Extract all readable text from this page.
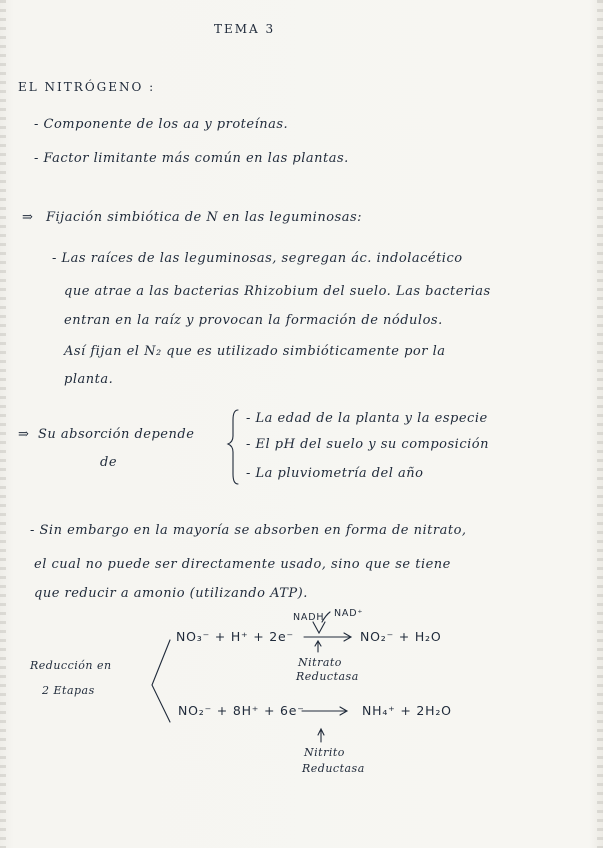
TEMA 3
EL NITRÓGENO :
- Componente de los aa y proteínas.
- Factor limitante más común en las plantas.
⇒ Fijación simbiótica de N en las leguminosas:
- Las raíces de las leguminosas, segregan ác. indolacético
que atrae a las bacterias Rhizobium del suelo. Las bacterias
entran en la raíz y provocan la formación de nódulos.
Así fijan el N₂ que es utilizado simbióticamente por la
planta.
⇒ Su absorción depende
de
- La edad de la planta y la especie
- El pH del suelo y su composición
- La pluviometría del año
- Sin embargo en la mayoría se absorben en forma de nitrato,
el cual no puede ser directamente usado, sino que se tiene
que reducir a amonio (utilizando ATP).
Reducción en
2 Etapas
NADH NAD⁺
NO₃⁻ + H⁺ + 2e⁻	NO₂⁻ + H₂O
Nitrato
Reductasa
NO₂⁻ + 8H⁺ + 6e⁻	NH₄⁺ + 2H₂O
Nitrito
Reductasa
